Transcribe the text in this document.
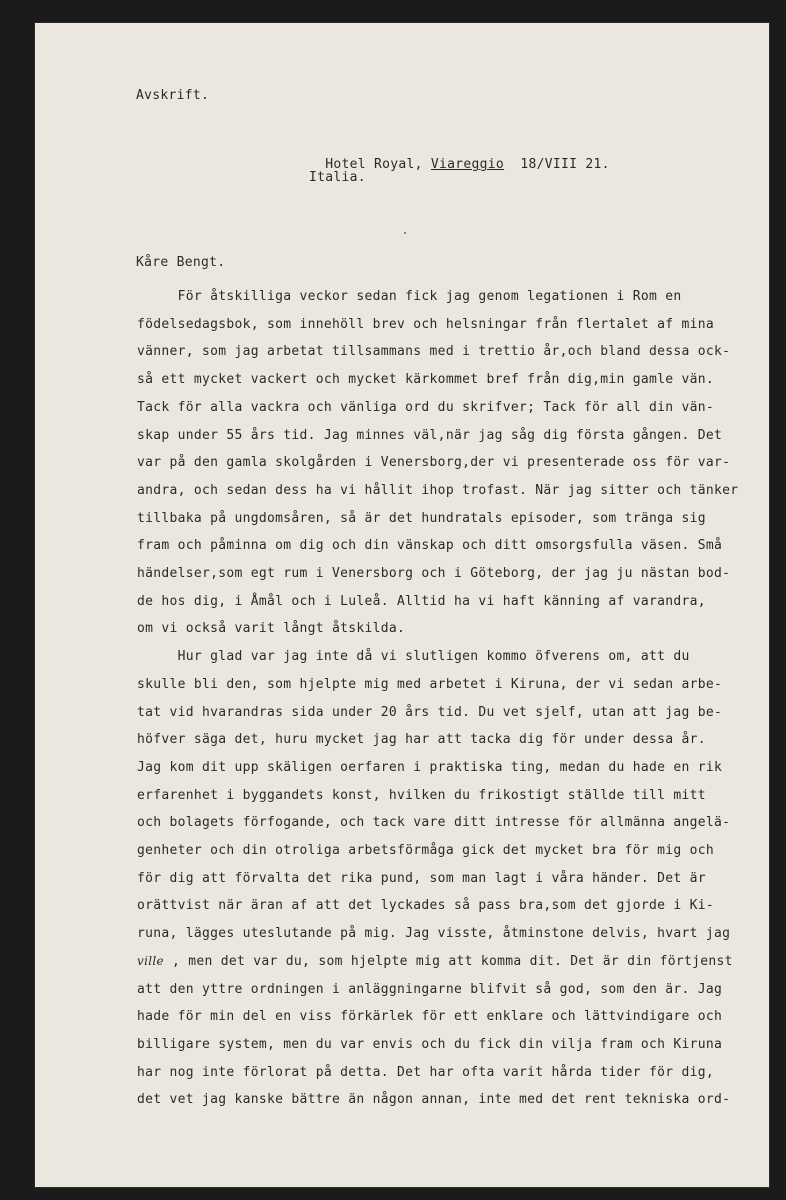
Avskrift.

Hotel Royal, Viareggio 18/VIII 21.

Italia.
Kåre Bengt.
För åtskilliga veckor sedan fick jag genom legationen i Rom en
födelsedagsbok, som innehöll brev och helsningar från flertalet af mina
vänner, som jag arbetat tillsammans med i trettio år,och bland dessa ock-
så ett mycket vackert och mycket kärkommet bref från dig,min gamle vän.
Tack för alla vackra och vänliga ord du skrifver; Tack för all din vän-
skap under 55 års tid. Jag minnes väl,när jag såg dig första gången. Det
var på den gamla skolgården i Venersborg,der vi presenterade oss för var-
andra, och sedan dess ha vi hållit ihop trofast. När jag sitter och tänker
tillbaka på ungdomsåren, så är det hundratals episoder, som tränga sig
fram och påminna om dig och din vänskap och ditt omsorgsfulla väsen. Små
händelser,som egt rum i Venersborg och i Göteborg, der jag ju nästan bod-
de hos dig, i Åmål och i Luleå. Alltid ha vi haft känning af varandra,
om vi också varit långt åtskilda.
Hur glad var jag inte då vi slutligen kommo öfverens om, att du
skulle bli den, som hjelpte mig med arbetet i Kiruna, der vi sedan arbe-
tat vid hvarandras sida under 20 års tid. Du vet sjelf, utan att jag be-
höfver säga det, huru mycket jag har att tacka dig för under dessa år.
Jag kom dit upp skäligen oerfaren i praktiska ting, medan du hade en rik
erfarenhet i byggandets konst, hvilken du frikostigt ställde till mitt
och bolagets förfogande, och tack vare ditt intresse för allmänna angelä-
genheter och din otroliga arbetsförmåga gick det mycket bra för mig och
för dig att förvalta det rika pund, som man lagt i våra händer. Det är
orättvist när äran af att det lyckades så pass bra,som det gjorde i Ki-
runa, lägges uteslutande på mig. Jag visste, åtminstone delvis, hvart jag
ville , men det var du, som hjelpte mig att komma dit. Det är din förtjenst
att den yttre ordningen i anläggningarne blifvit så god, som den är. Jag
hade för min del en viss förkärlek för ett enklare och lättvindigare och
billigare system, men du var envis och du fick din vilja fram och Kiruna
har nog inte förlorat på detta. Det har ofta varit hårda tider för dig,
det vet jag kanske bättre än någon annan, inte med det rent tekniska ord-
